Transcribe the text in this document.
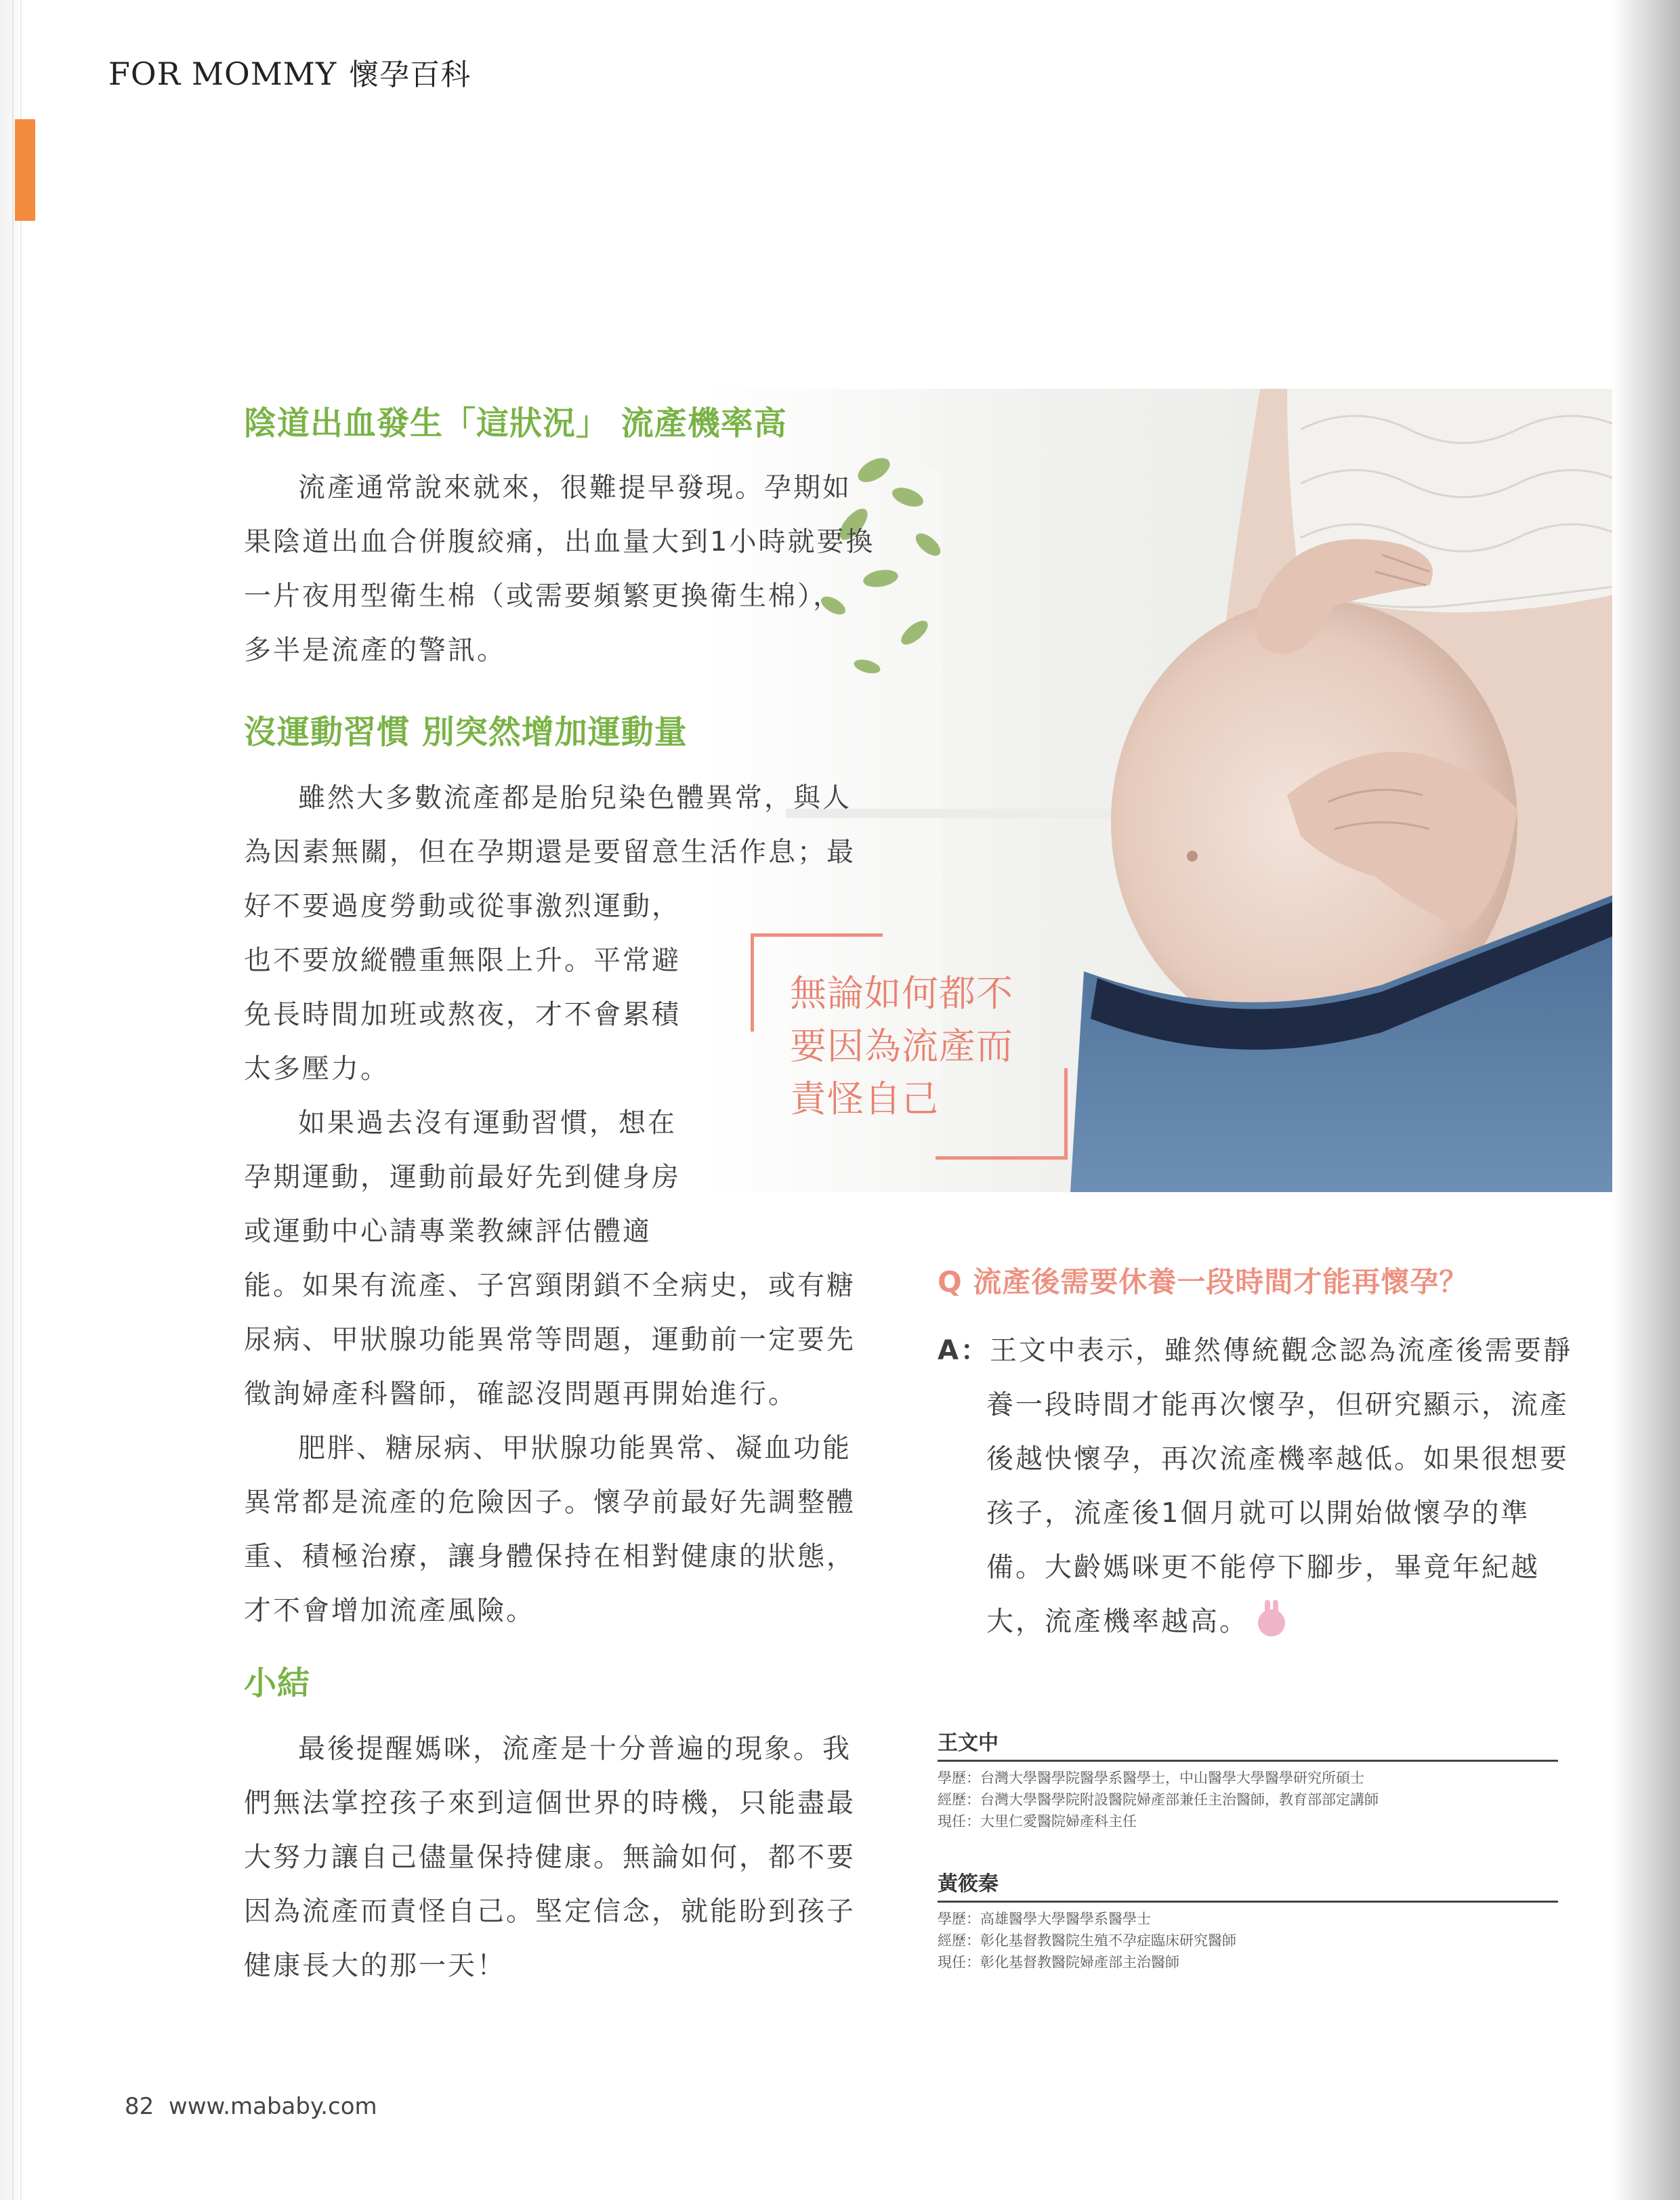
FOR MOMMY 懷孕百科
無論如何都不
要因為流產而
責怪自己
陰道出血發生「這狀況」 流產機率高
流產通常說來就來，很難提早發現。孕期如
果陰道出血合併腹絞痛，出血量大到1小時就要換
一片夜用型衛生棉（或需要頻繁更換衛生棉），
多半是流產的警訊。
沒運動習慣 別突然增加運動量
雖然大多數流產都是胎兒染色體異常，與人
為因素無關，但在孕期還是要留意生活作息；最
好不要過度勞動或從事激烈運動，
也不要放縱體重無限上升。平常避
免長時間加班或熬夜，才不會累積
太多壓力。
如果過去沒有運動習慣，想在
孕期運動，運動前最好先到健身房
或運動中心請專業教練評估體適
能。如果有流產、子宮頸閉鎖不全病史，或有糖
尿病、甲狀腺功能異常等問題，運動前一定要先
徵詢婦產科醫師，確認沒問題再開始進行。
肥胖、糖尿病、甲狀腺功能異常、凝血功能
異常都是流產的危險因子。懷孕前最好先調整體
重、積極治療，讓身體保持在相對健康的狀態，
才不會增加流產風險。
小結
最後提醒媽咪，流產是十分普遍的現象。我
們無法掌控孩子來到這個世界的時機，只能盡最
大努力讓自己儘量保持健康。無論如何，都不要
因為流產而責怪自己。堅定信念，就能盼到孩子
健康長大的那一天！
Q 流產後需要休養一段時間才能再懷孕？
A：王文中表示，雖然傳統觀念認為流產後需要靜
養一段時間才能再次懷孕，但研究顯示，流產
後越快懷孕，再次流產機率越低。如果很想要
孩子，流產後1個月就可以開始做懷孕的準
備。大齡媽咪更不能停下腳步，畢竟年紀越
大，流產機率越高。
王文中
學歷：台灣大學醫學院醫學系醫學士，中山醫學大學醫學研究所碩士
經歷：台灣大學醫學院附設醫院婦產部兼任主治醫師，教育部部定講師
現任：大里仁愛醫院婦產科主任
黃筱秦
學歷：高雄醫學大學醫學系醫學士
經歷：彰化基督教醫院生殖不孕症臨床研究醫師
現任：彰化基督教醫院婦產部主治醫師
82 www.mababy.com
